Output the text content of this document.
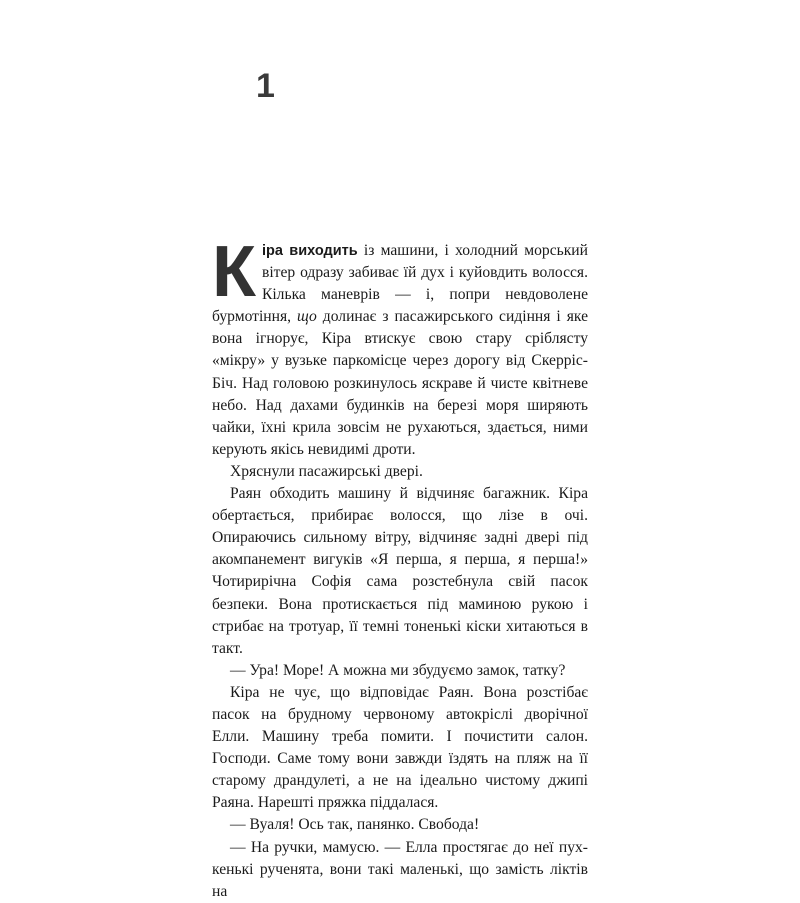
1

Кіра виходить із машини, і холодний морський вітер одразу забиває їй дух і куйовдить волосся. Кілька маневрів — і, попри невдоволене бурмотіння, що долинає з пасажирського сидіння і яке вона ігнорує, Кіра втискує свою стару сріблясту «мікру» у вузьке паркомісце через дорогу від Скерріс-Біч. Над головою розкинулось яскраве й чисте квітневе небо. Над дахами будинків на березі моря ширяють чайки, їхні крила зовсім не рухаються, здається, ними керують якісь невидимі дроти.

Хряснули пасажирські двері.

Раян обходить машину й відчиняє багажник. Кіра обертається, прибирає волосся, що лізе в очі. Опираючись сильному вітру, відчиняє задні двері під акомпанемент вигуків «Я перша, я перша, я перша!» Чотирирічна Софія сама розстебнула свій пасок безпеки. Вона протискається під маминою рукою і стрибає на тротуар, її темні тоненькі кіски хитаються в такт.

— Ура! Море! А можна ми збудуємо замок, татку?

Кіра не чує, що відповідає Раян. Вона розстібає пасок на брудному червоному автокріслі дворічної Елли. Машину треба помити. І почистити салон. Господи. Саме тому вони завжди їздять на пляж на її старому драндулеті, а не на ідеально чистому джипі Раяна. Нарешті пряжка піддалася.

— Вуаля! Ось так, панянко. Свобода!

— На ручки, мамусю. — Елла простягає до неї пухкенькі рученята, вони такі маленькі, що замість ліктів на
